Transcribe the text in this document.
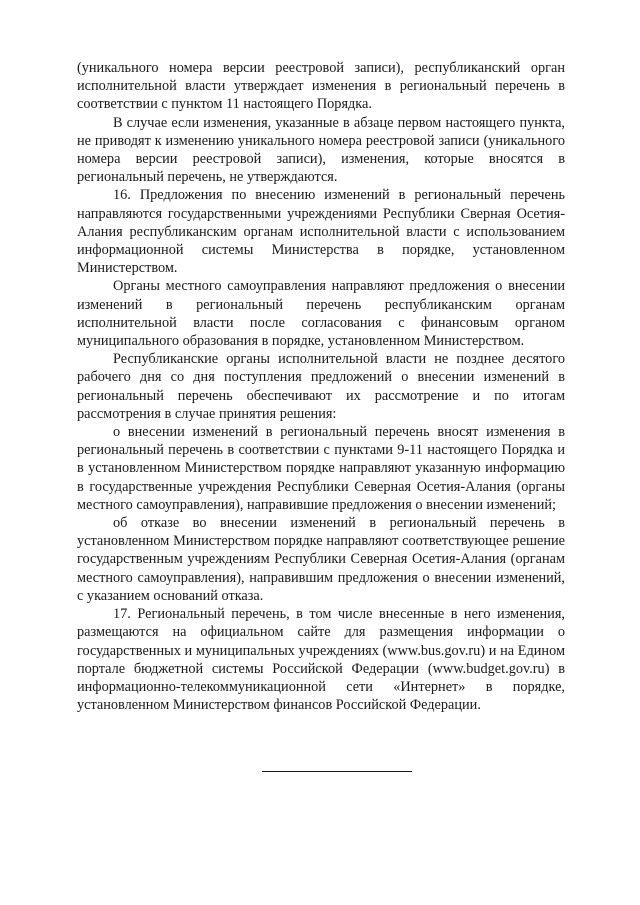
(уникального номера версии реестровой записи), республиканский орган исполнительной власти утверждает изменения в региональный перечень в соответствии с пунктом 11 настоящего Порядка.

В случае если изменения, указанные в абзаце первом настоящего пункта, не приводят к изменению уникального номера реестровой записи (уникального номера версии реестровой записи), изменения, которые вносятся в региональный перечень, не утверждаются.

16. Предложения по внесению изменений в региональный перечень направляются государственными учреждениями Республики Сверная Осетия-Алания республиканским органам исполнительной власти с использованием информационной системы Министерства в порядке, установленном Министерством.

Органы местного самоуправления направляют предложения о внесении изменений в региональный перечень республиканским органам исполнительной власти после согласования с финансовым органом муниципального образования в порядке, установленном Министерством.

Республиканские органы исполнительной власти не позднее десятого рабочего дня со дня поступления предложений о внесении изменений в региональный перечень обеспечивают их рассмотрение и по итогам рассмотрения в случае принятия решения:

о внесении изменений в региональный перечень вносят изменения в региональный перечень в соответствии с пунктами 9-11 настоящего Порядка и в установленном Министерством порядке направляют указанную информацию в государственные учреждения Республики Северная Осетия-Алания (органы местного самоуправления), направившие предложения о внесении изменений;

об отказе во внесении изменений в региональный перечень в установленном Министерством порядке направляют соответствующее решение государственным учреждениям Республики Северная Осетия-Алания (органам местного самоуправления), направившим предложения о внесении изменений, с указанием оснований отказа.

17. Региональный перечень, в том числе внесенные в него изменения, размещаются на официальном сайте для размещения информации о государственных и муниципальных учреждениях (www.bus.gov.ru) и на Едином портале бюджетной системы Российской Федерации (www.budget.gov.ru) в информационно-телекоммуникационной сети «Интернет» в порядке, установленном Министерством финансов Российской Федерации.
